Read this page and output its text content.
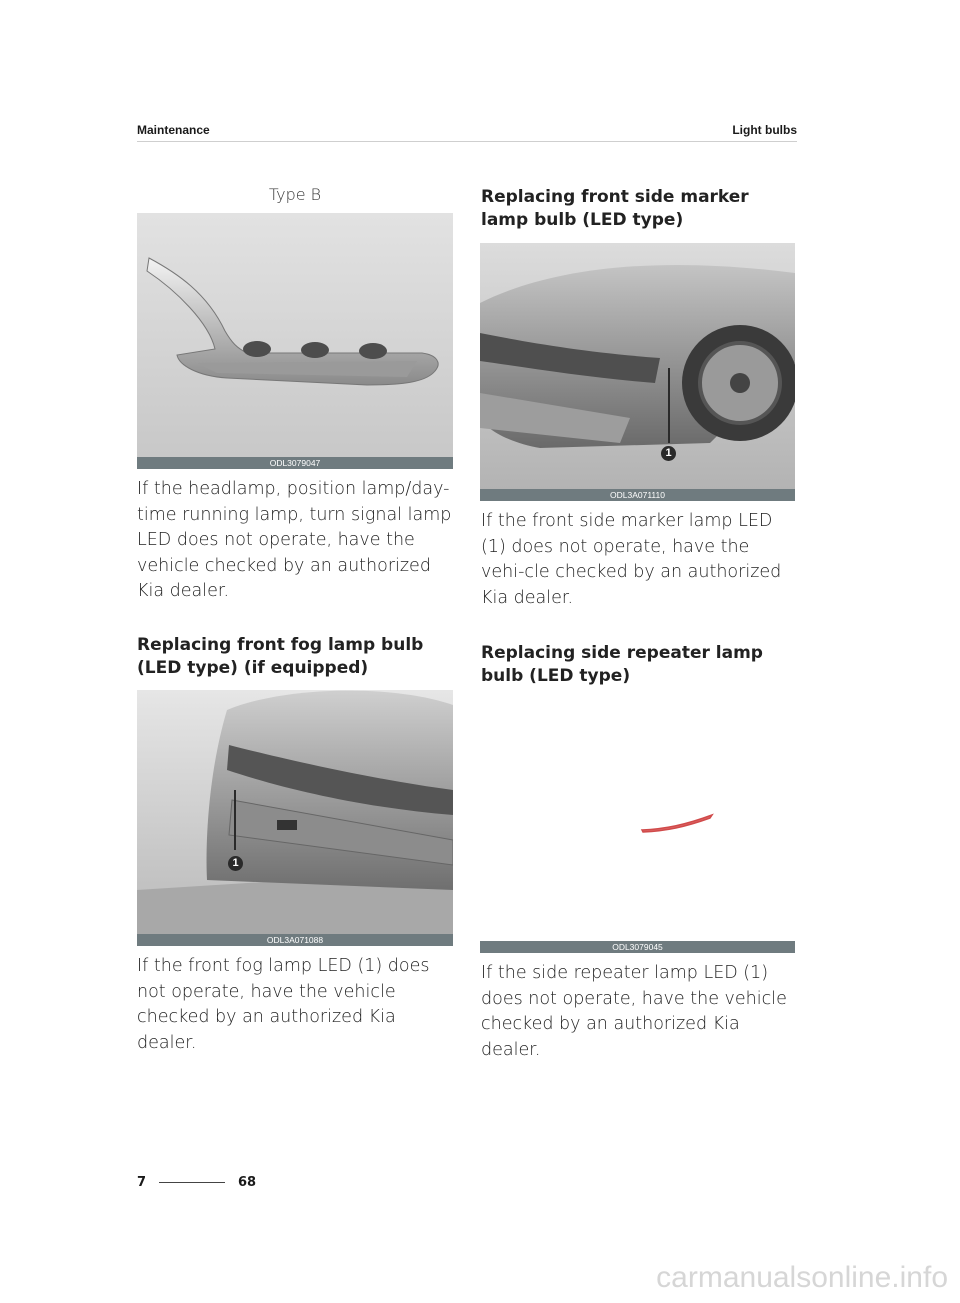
Maintenance	Light bulbs
Type B
ODL3079047
If the headlamp, position lamp/day-time running lamp, turn signal lamp LED does not operate, have the vehicle checked by an authorized Kia dealer.
Replacing front fog lamp bulb (LED type) (if equipped)
1
ODL3A071088
If the front fog lamp LED (1) does not operate, have the vehicle checked by an authorized Kia dealer.
Replacing front side marker lamp bulb (LED type)
1
ODL3A071110
If the front side marker lamp LED (1) does not operate, have the vehi-cle checked by an authorized Kia dealer.
Replacing side repeater lamp bulb (LED type)
ODL3079045
If the side repeater lamp LED (1) does not operate, have the vehicle checked by an authorized Kia dealer.
7	68
carmanualsonline.info
